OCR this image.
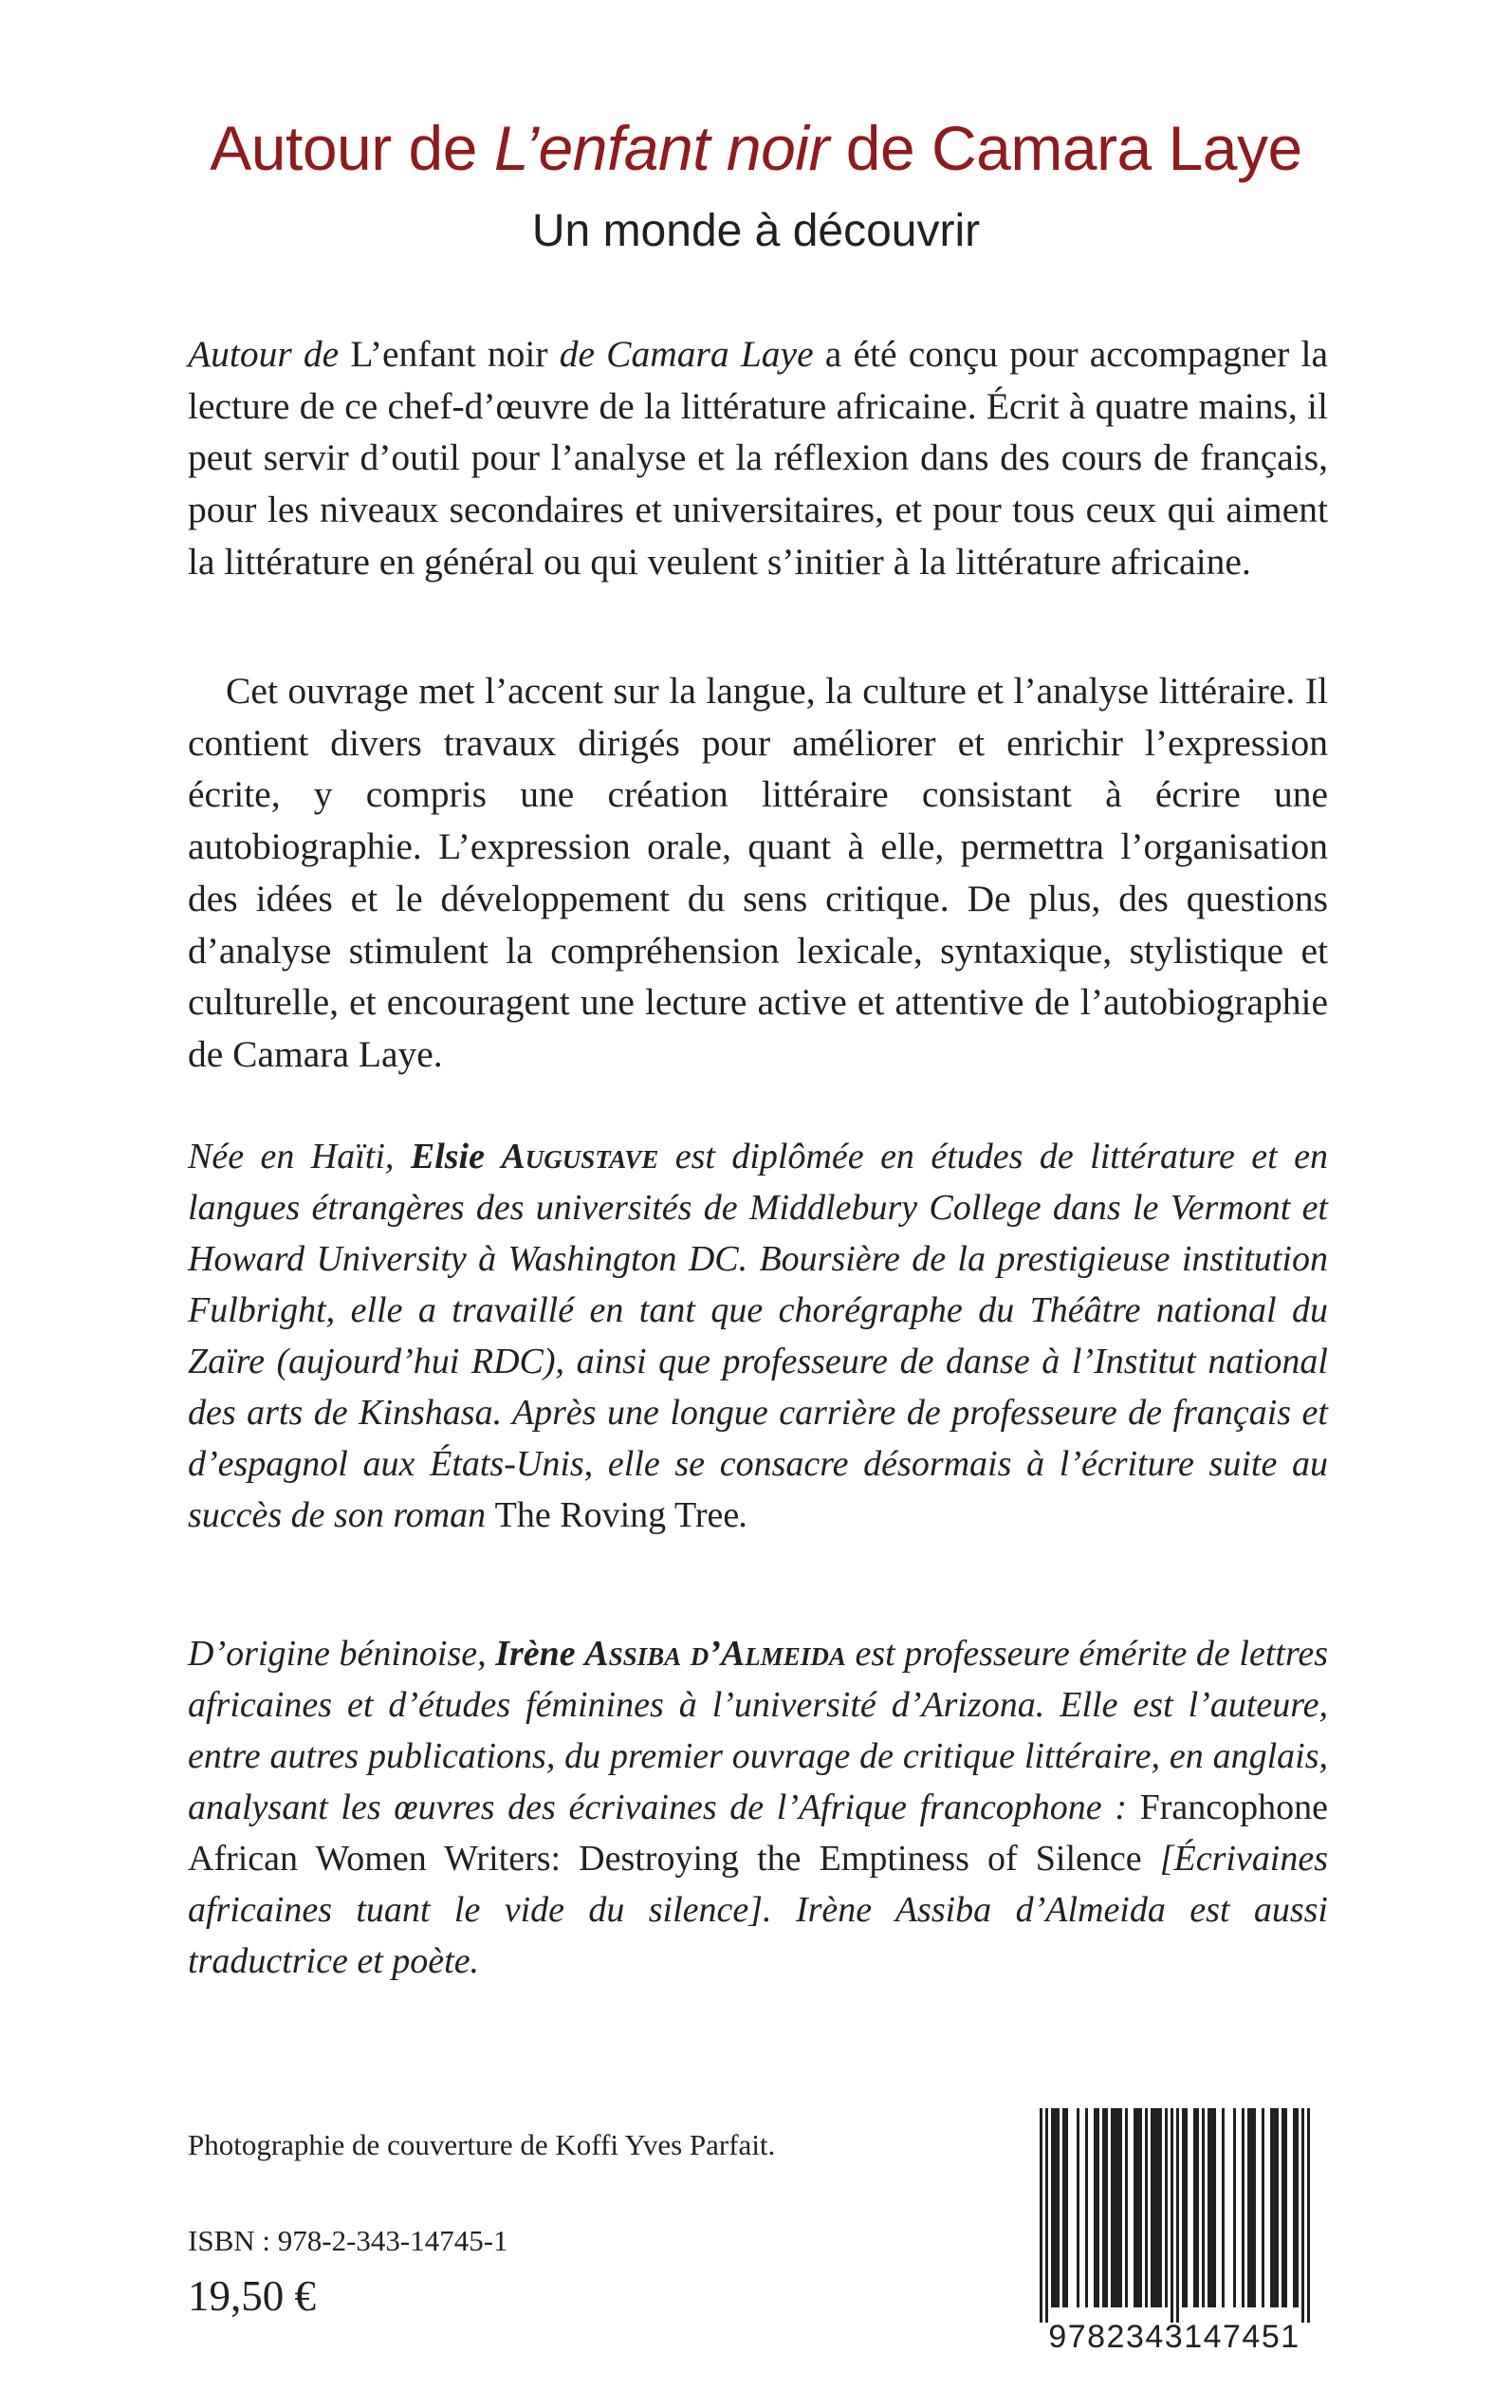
Autour de L’enfant noir de Camara Laye
Un monde à découvrir

Autour de L’enfant noir de Camara Laye a été conçu pour accompagner la lecture de ce chef-d’œuvre de la littérature africaine. Écrit à quatre mains, il peut servir d’outil pour l’analyse et la réflexion dans des cours de français, pour les niveaux secondaires et universitaires, et pour tous ceux qui aiment la littérature en général ou qui veulent s’initier à la littérature africaine.

Cet ouvrage met l’accent sur la langue, la culture et l’analyse littéraire. Il contient divers travaux dirigés pour améliorer et enrichir l’expression écrite, y compris une création littéraire consistant à écrire une autobiographie. L’expression orale, quant à elle, permettra l’organisation des idées et le développement du sens critique. De plus, des questions d’analyse stimulent la compréhension lexicale, syntaxique, stylistique et culturelle, et encouragent une lecture active et attentive de l’autobiographie de Camara Laye.

Née en Haïti, Elsie Augustave est diplômée en études de littérature et en langues étrangères des universités de Middlebury College dans le Vermont et Howard University à Washington DC. Boursière de la prestigieuse institution Fulbright, elle a travaillé en tant que chorégraphe du Théâtre national du Zaïre (aujourd’hui RDC), ainsi que professeure de danse à l’Institut national des arts de Kinshasa. Après une longue carrière de professeure de français et d’espagnol aux États-Unis, elle se consacre désormais à l’écriture suite au succès de son roman The Roving Tree.

D’origine béninoise, Irène Assiba d’Almeida est professeure émérite de lettres africaines et d’études féminines à l’université d’Arizona. Elle est l’auteure, entre autres publications, du premier ouvrage de critique littéraire, en anglais, analysant les œuvres des écrivaines de l’Afrique francophone : Francophone African Women Writers: Destroying the Emptiness of Silence [Écrivaines africaines tuant le vide du silence]. Irène Assiba d’Almeida est aussi traductrice et poète.

Photographie de couverture de Koffi Yves Parfait.

ISBN : 978-2-343-14745-1

19,50 €

9782343147451
